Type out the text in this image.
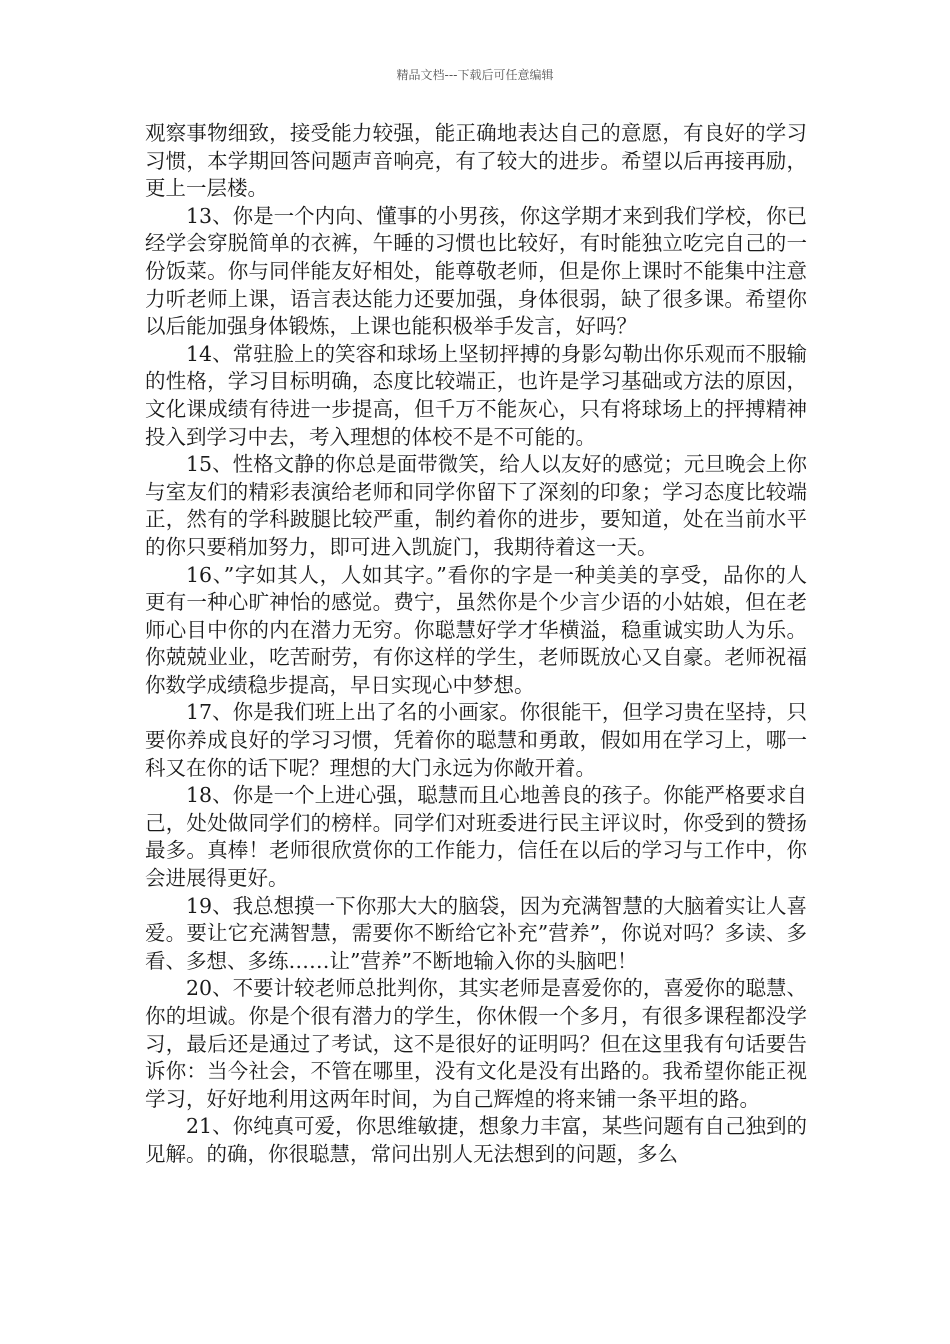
精品文档---下载后可任意编辑

观察事物细致，接受能力较强，能正确地表达自己的意愿，有良好的学习习惯，本学期回答问题声音响亮，有了较大的进步。希望以后再接再励，更上一层楼。

13、你是一个内向、懂事的小男孩，你这学期才来到我们学校，你已经学会穿脱简单的衣裤，午睡的习惯也比较好，有时能独立吃完自己的一份饭菜。你与同伴能友好相处，能尊敬老师，但是你上课时不能集中注意力听老师上课，语言表达能力还要加强，身体很弱，缺了很多课。希望你以后能加强身体锻炼，上课也能积极举手发言，好吗？

14、常驻脸上的笑容和球场上坚韧抨搏的身影勾勒出你乐观而不服输的性格，学习目标明确，态度比较端正，也许是学习基础或方法的原因，文化课成绩有待进一步提高，但千万不能灰心，只有将球场上的抨搏精神投入到学习中去，考入理想的体校不是不可能的。

15、性格文静的你总是面带微笑，给人以友好的感觉；元旦晚会上你与室友们的精彩表演给老师和同学你留下了深刻的印象；学习态度比较端正，然有的学科跛腿比较严重，制约着你的进步，要知道，处在当前水平的你只要稍加努力，即可进入凯旋门，我期待着这一天。

16、”字如其人，人如其字。”看你的字是一种美美的享受，品你的人更有一种心旷神怡的感觉。费宁，虽然你是个少言少语的小姑娘，但在老师心目中你的内在潜力无穷。你聪慧好学才华横溢，稳重诚实助人为乐。你兢兢业业，吃苦耐劳，有你这样的学生，老师既放心又自豪。老师祝福你数学成绩稳步提高，早日实现心中梦想。

17、你是我们班上出了名的小画家。你很能干，但学习贵在坚持，只要你养成良好的学习习惯，凭着你的聪慧和勇敢，假如用在学习上，哪一科又在你的话下呢？理想的大门永远为你敞开着。

18、你是一个上进心强，聪慧而且心地善良的孩子。你能严格要求自己，处处做同学们的榜样。同学们对班委进行民主评议时，你受到的赞扬最多。真棒！老师很欣赏你的工作能力，信任在以后的学习与工作中，你会进展得更好。

19、我总想摸一下你那大大的脑袋，因为充满智慧的大脑着实让人喜爱。要让它充满智慧，需要你不断给它补充”营养”，你说对吗？多读、多看、多想、多练……让”营养”不断地输入你的头脑吧！

20、不要计较老师总批判你，其实老师是喜爱你的，喜爱你的聪慧、你的坦诚。你是个很有潜力的学生，你休假一个多月，有很多课程都没学习，最后还是通过了考试，这不是很好的证明吗？但在这里我有句话要告诉你：当今社会，不管在哪里，没有文化是没有出路的。我希望你能正视学习，好好地利用这两年时间，为自己辉煌的将来铺一条平坦的路。

21、你纯真可爱，你思维敏捷，想象力丰富，某些问题有自己独到的见解。的确，你很聪慧，常问出别人无法想到的问题，多么
